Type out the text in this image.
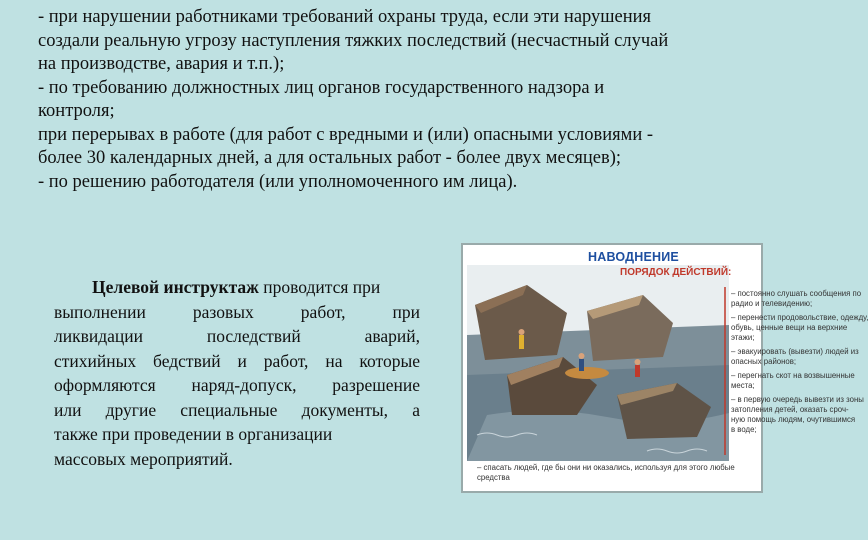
- при нарушении работниками требований охраны труда, если эти нарушения
создали реальную угрозу наступления тяжких последствий (несчастный случай
на производстве, авария и т.п.);
- по требованию должностных лиц органов государственного надзора и
контроля;
при перерывах в работе (для работ с вредными и (или) опасными условиями -
более 30 календарных дней, а для остальных работ - более двух месяцев);
- по решению работодателя (или уполномоченного им лица).
Целевой инструктаж проводится при
выполнении	разовых	работ,	при
ликвидации	последствий	аварий,
стихийных бедствий и работ, на которые
оформляются наряд-допуск, разрешение
или другие специальные документы, а
также при проведении в организации
массовых мероприятий.
НАВОДНЕНИЕ
ПОРЯДОК ДЕЙСТВИЙ:
– постоянно слушать сообщения по
радио и телевидению;
– перенести продовольствие, одежду,
обувь, ценные вещи на верхние
этажи;
– эвакуировать (вывезти) людей из
опасных районов;
– перегнать скот на возвышенные
места;
– в первую очередь вывезти из зоны
затопления детей, оказать сроч-
ную помощь людям, очутившимся
в воде;
– спасать людей, где бы они ни оказались, используя для этого любые
средства
